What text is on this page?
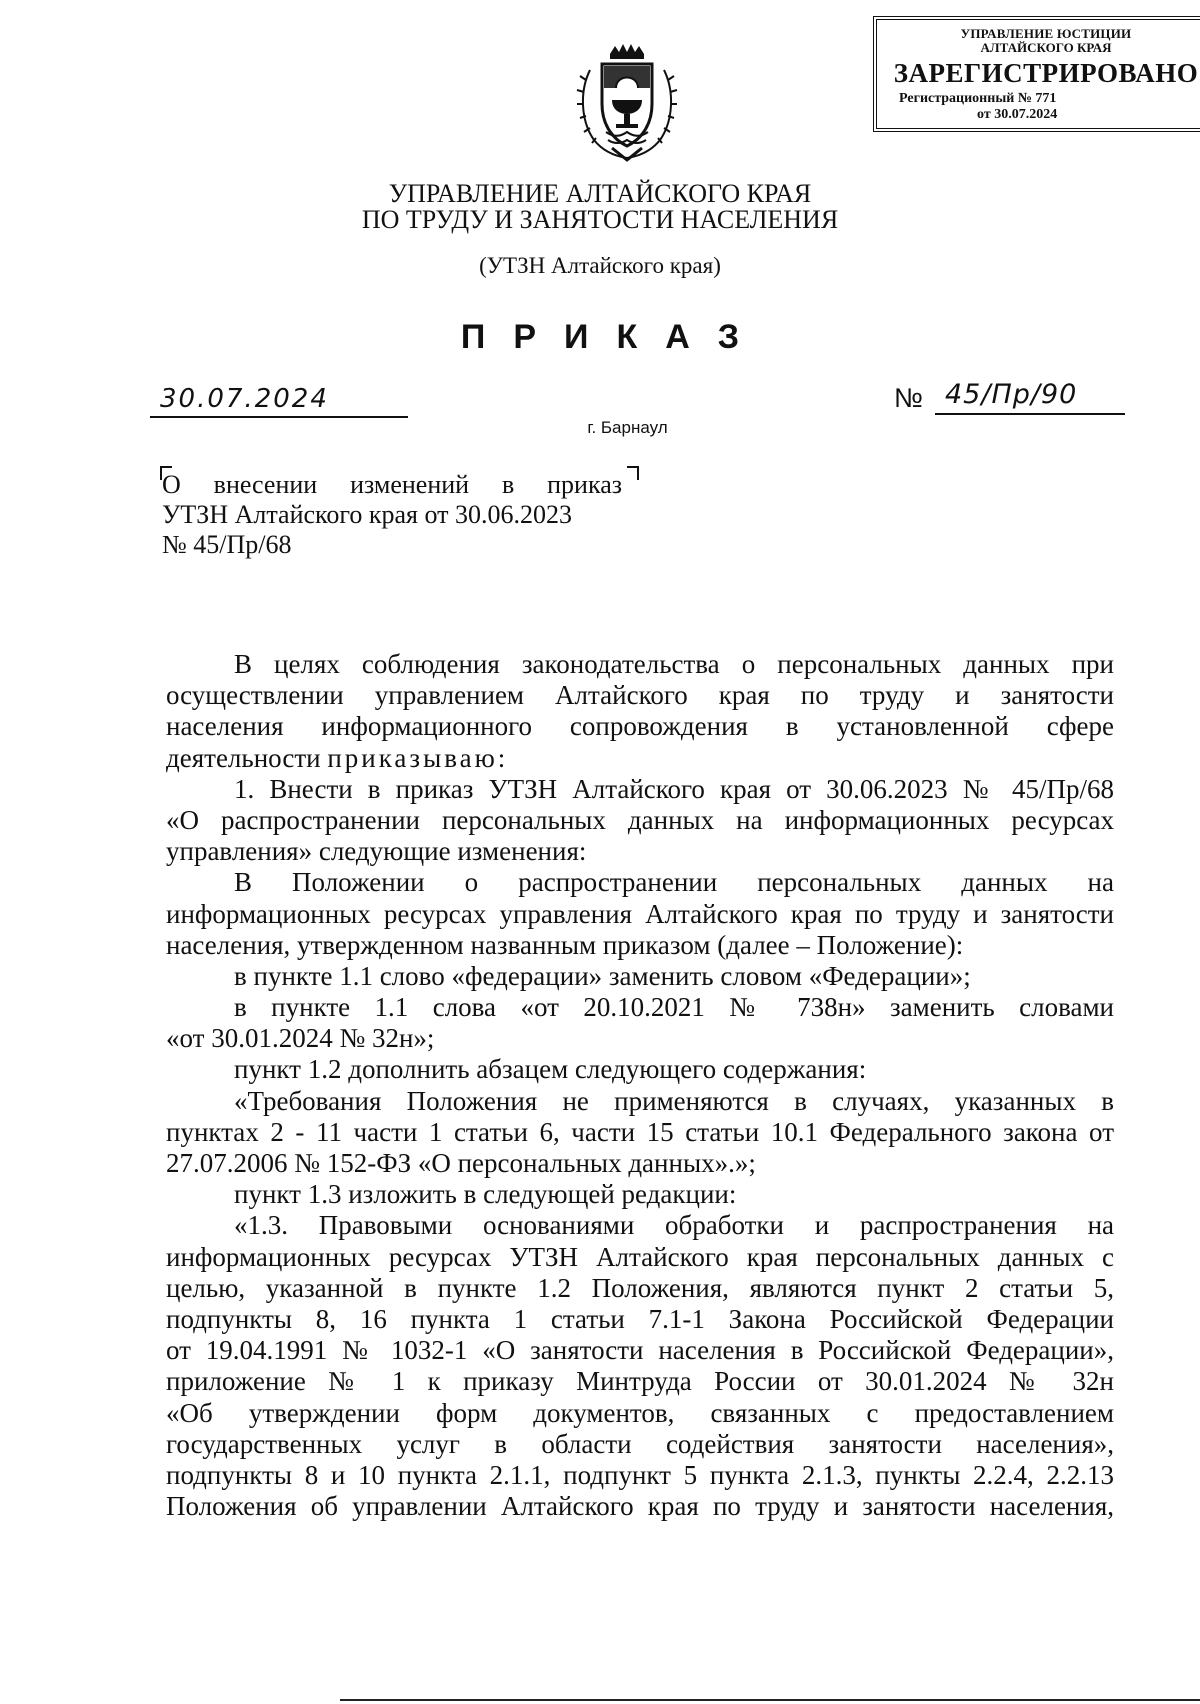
УПРАВЛЕНИЕ ЮСТИЦИИ
АЛТАЙСКОГО КРАЯ
ЗАРЕГИСТРИРОВАНО
Регистрационный № 771
от 30.07.2024
УПРАВЛЕНИЕ АЛТАЙСКОГО КРАЯ
ПО ТРУДУ И ЗАНЯТОСТИ НАСЕЛЕНИЯ
(УТЗН Алтайского края)
ПРИКАЗ
30.07.2024	№ 45/Пр/90
г. Барнаул
О внесении изменений в приказ
УТЗН Алтайского края от 30.06.2023
№ 45/Пр/68
В целях соблюдения законодательства о персональных данных при
осуществлении управлением Алтайского края по труду и занятости
населения информационного сопровождения в установленной сфере
деятельности приказываю:
1. Внести в приказ УТЗН Алтайского края от 30.06.2023 № 45/Пр/68
«О распространении персональных данных на информационных ресурсах
управления» следующие изменения:
В Положении о распространении персональных данных на
информационных ресурсах управления Алтайского края по труду и занятости
населения, утвержденном названным приказом (далее – Положение):
в пункте 1.1 слово «федерации» заменить словом «Федерации»;
в пункте 1.1 слова «от 20.10.2021 № 738н» заменить словами
«от 30.01.2024 № 32н»;
пункт 1.2 дополнить абзацем следующего содержания:
«Требования Положения не применяются в случаях, указанных в
пунктах 2 - 11 части 1 статьи 6, части 15 статьи 10.1 Федерального закона от
27.07.2006 № 152-ФЗ «О персональных данных».»;
пункт 1.3 изложить в следующей редакции:
«1.3. Правовыми основаниями обработки и распространения на
информационных ресурсах УТЗН Алтайского края персональных данных с
целью, указанной в пункте 1.2 Положения, являются пункт 2 статьи 5,
подпункты 8, 16 пункта 1 статьи 7.1-1 Закона Российской Федерации
от 19.04.1991 № 1032-1 «О занятости населения в Российской Федерации»,
приложение № 1 к приказу Минтруда России от 30.01.2024 № 32н
«Об утверждении форм документов, связанных с предоставлением
государственных услуг в области содействия занятости населения»,
подпункты 8 и 10 пункта 2.1.1, подпункт 5 пункта 2.1.3, пункты 2.2.4, 2.2.13
Положения об управлении Алтайского края по труду и занятости населения,
